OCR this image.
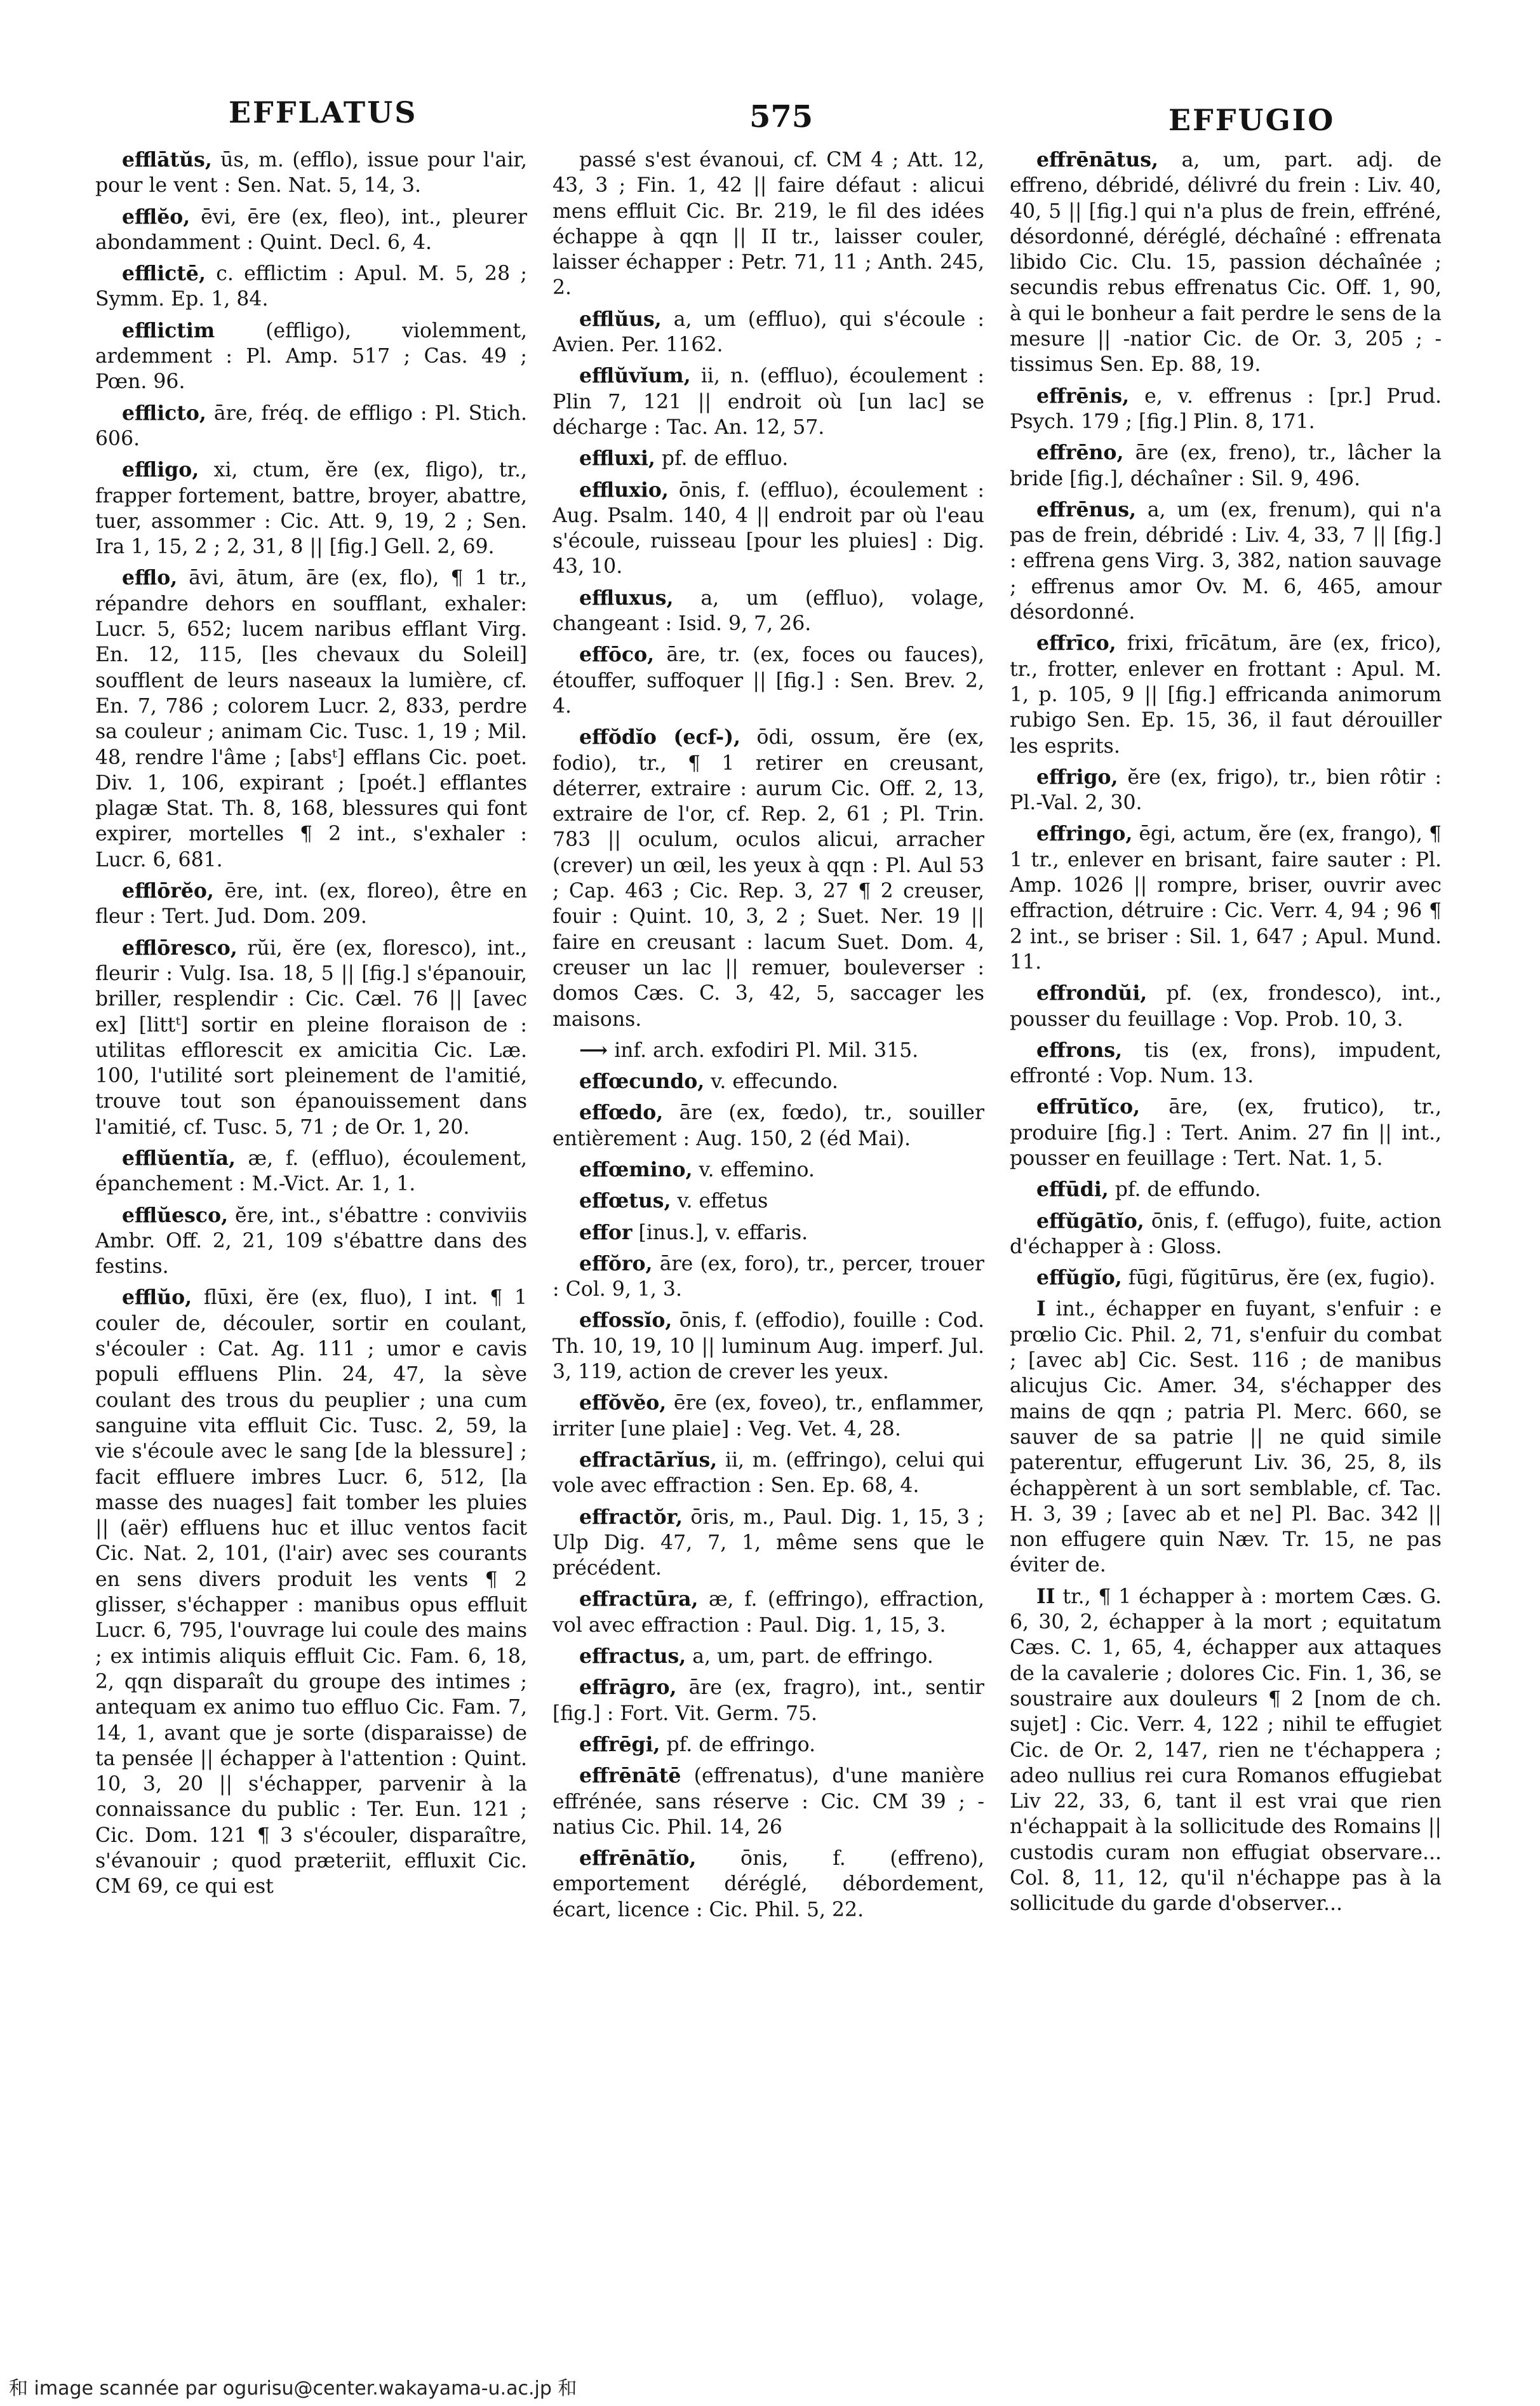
EFFLATUS	575	EFFUGIO

efflātŭs, ūs, m. (efflo), issue pour l'air, pour le vent : Sen. Nat. 5, 14, 3.

efflĕo, ēvi, ēre (ex, fleo), int., pleurer abondamment : Quint. Decl. 6, 4.

efflictē, c. efflictim : Apul. M. 5, 28 ; Symm. Ep. 1, 84.

efflictim	(effligo), violemment, ardemment : Pl. Amp. 517 ; Cas. 49 ; Pœn. 96.

efflicto, āre, fréq. de effligo : Pl. Stich. 606.

effligo, xi, ctum, ĕre (ex, fligo), tr., frapper fortement, battre, broyer, abattre, tuer, assommer : Cic. Att. 9, 19, 2 ; Sen. Ira 1, 15, 2 ; 2, 31, 8 || [fig.] Gell. 2, 69.

efflo, āvi, ātum, āre (ex, flo), ¶ 1 tr., répandre dehors en soufflant, exhaler: Lucr. 5, 652; lucem naribus efflant Virg. En. 12, 115, [les chevaux du Soleil] soufflent de leurs naseaux la lumière, cf. En. 7, 786 ; colorem Lucr. 2, 833, perdre sa couleur ; animam Cic. Tusc. 1, 19 ; Mil. 48, rendre l'âme ; [absᵗ] efflans Cic. poet. Div. 1, 106, expirant ; [poét.] efflantes plagæ Stat. Th. 8, 168, blessures qui font expirer, mortelles ¶ 2 int., s'exhaler : Lucr. 6, 681.

efflōrĕo, ēre, int. (ex, floreo), être en fleur : Tert. Jud. Dom. 209.

efflōresco, rŭi, ĕre (ex, floresco), int., fleurir : Vulg. Isa. 18, 5 || [fig.] s'épanouir, briller, resplendir : Cic. Cæl. 76 || [avec ex] [littᵗ] sortir en pleine floraison de : utilitas efflorescit ex amicitia Cic. Læ. 100, l'utilité sort pleinement de l'amitié, trouve tout son épanouissement dans l'amitié, cf. Tusc. 5, 71 ; de Or. 1, 20.

efflŭentĭa, æ, f. (effluo), écoulement, épanchement : M.-Vict. Ar. 1, 1.

efflŭesco, ĕre, int., s'ébattre : conviviis Ambr. Off. 2, 21, 109 s'ébattre dans des festins.

efflŭo, flūxi, ĕre (ex, fluo), I int. ¶ 1 couler de, découler, sortir en coulant, s'écouler : Cat. Ag. 111 ; umor e cavis populi effluens Plin. 24, 47, la sève coulant des trous du peuplier ; una cum sanguine vita effluit Cic. Tusc. 2, 59, la vie s'écoule avec le sang [de la blessure] ; facit effluere imbres Lucr. 6, 512, [la masse des nuages] fait tomber les pluies || (aër) effluens huc et illuc ventos facit Cic. Nat. 2, 101, (l'air) avec ses courants en sens divers produit les vents ¶ 2 glisser, s'échapper : manibus opus effluit Lucr. 6, 795, l'ouvrage lui coule des mains ; ex intimis aliquis effluit Cic. Fam. 6, 18, 2, qqn disparaît du groupe des intimes ; antequam ex animo tuo effluo Cic. Fam. 7, 14, 1, avant que je sorte (disparaisse) de ta pensée || échapper à l'attention : Quint. 10, 3, 20 || s'échapper, parvenir à la connaissance du public : Ter. Eun. 121 ; Cic. Dom. 121 ¶ 3 s'écouler, disparaître, s'évanouir ; quod præteriit, effluxit Cic. CM 69, ce qui est

passé s'est évanoui, cf. CM 4 ; Att. 12, 43, 3 ; Fin. 1, 42 || faire défaut : alicui mens effluit Cic. Br. 219, le fil des idées échappe à qqn || II tr., laisser couler, laisser échapper : Petr. 71, 11 ; Anth. 245, 2.

efflŭus, a, um (effluo), qui s'écoule : Avien. Per. 1162.

efflŭvĭum, ii, n. (effluo), écoulement : Plin 7, 121 || endroit où [un lac] se décharge : Tac. An. 12, 57.

effluxi, pf. de effluo.

effluxio, ōnis, f. (effluo), écoulement : Aug. Psalm. 140, 4 || endroit par où l'eau s'écoule, ruisseau [pour les pluies] : Dig. 43, 10.

effluxus, a, um (effluo), volage, changeant : Isid. 9, 7, 26.

effōco, āre, tr. (ex, foces ou fauces), étouffer, suffoquer || [fig.] : Sen. Brev. 2, 4.

effŏdĭo (ecf-), ōdi, ossum, ĕre (ex, fodio), tr., ¶ 1 retirer en creusant, déterrer, extraire : aurum Cic. Off. 2, 13, extraire de l'or, cf. Rep. 2, 61 ; Pl. Trin. 783 || oculum, oculos alicui, arracher (crever) un œil, les yeux à qqn : Pl. Aul 53 ; Cap. 463 ; Cic. Rep. 3, 27 ¶ 2 creuser, fouir : Quint. 10, 3, 2 ; Suet. Ner. 19 || faire en creusant : lacum Suet. Dom. 4, creuser un lac || remuer, bouleverser : domos Cæs. C. 3, 42, 5, saccager les maisons.

⟶ inf. arch. exfodiri Pl. Mil. 315.

effœcundo, v. effecundo.

effœdo, āre (ex, fœdo), tr., souiller entièrement : Aug. 150, 2 (éd Mai).

effœmino, v. effemino.

effœtus, v. effetus

effor [inus.], v. effaris.

effŏro, āre (ex, foro), tr., percer, trouer : Col. 9, 1, 3.

effossĭo, ōnis, f. (effodio), fouille : Cod. Th. 10, 19, 10 || luminum Aug. imperf. Jul. 3, 119, action de crever les yeux.

effŏvĕo, ēre (ex, foveo), tr., enflammer, irriter [une plaie] : Veg. Vet. 4, 28.

effractārĭus, ii, m. (effringo), celui qui vole avec effraction : Sen. Ep. 68, 4.

effractŏr, ōris, m., Paul. Dig. 1, 15, 3 ; Ulp Dig. 47, 7, 1, même sens que le précédent.

effractūra, æ, f. (effringo), effraction, vol avec effraction : Paul. Dig. 1, 15, 3.

effractus, a, um, part. de effringo.

effrāgro, āre (ex, fragro), int., sentir [fig.] : Fort. Vit. Germ. 75.

effrēgi, pf. de effringo.

effrēnātē (effrenatus), d'une manière effrénée, sans réserve : Cic. CM 39 ; -natius Cic. Phil. 14, 26

effrēnātĭo, ōnis, f. (effreno), emportement déréglé, débordement, écart, licence : Cic. Phil. 5, 22.

effrēnātus, a, um, part. adj. de effreno, débridé, délivré du frein : Liv. 40, 40, 5 || [fig.] qui n'a plus de frein, effréné, désordonné, déréglé, déchaîné : effrenata libido Cic. Clu. 15, passion déchaînée ; secundis rebus effrenatus Cic. Off. 1, 90, à qui le bonheur a fait perdre le sens de la mesure || -natior Cic. de Or. 3, 205 ; -tissimus Sen. Ep. 88, 19.

effrēnis, e, v. effrenus : [pr.] Prud. Psych. 179 ; [fig.] Plin. 8, 171.

effrēno, āre (ex, freno), tr., lâcher la bride [fig.], déchaîner : Sil. 9, 496.

effrēnus, a, um (ex, frenum), qui n'a pas de frein, débridé : Liv. 4, 33, 7 || [fig.] : effrena gens Virg. 3, 382, nation sauvage ; effrenus amor Ov. M. 6, 465, amour désordonné.

effrīco, frixi, frīcātum, āre (ex, frico), tr., frotter, enlever en frottant : Apul. M. 1, p. 105, 9 || [fig.] effricanda animorum rubigo Sen. Ep. 15, 36, il faut dérouiller les esprits.

effrigo, ĕre (ex, frigo), tr., bien rôtir : Pl.-Val. 2, 30.

effringo, ēgi, actum, ĕre (ex, frango), ¶ 1 tr., enlever en brisant, faire sauter : Pl. Amp. 1026 || rompre, briser, ouvrir avec effraction, détruire : Cic. Verr. 4, 94 ; 96 ¶ 2 int., se briser : Sil. 1, 647 ; Apul. Mund. 11.

effrondŭi, pf. (ex, frondesco), int., pousser du feuillage : Vop. Prob. 10, 3.

effrons, tis (ex, frons), impudent, effronté : Vop. Num. 13.

effrūtĭco, āre, (ex, frutico), tr., produire [fig.] : Tert. Anim. 27 fin || int., pousser en feuillage : Tert. Nat. 1, 5.

effūdi, pf. de effundo.

effŭgātĭo, ōnis, f. (effugo), fuite, action d'échapper à : Gloss.

effŭgĭo, fūgi, fŭgitūrus, ĕre (ex, fugio).

I int., échapper en fuyant, s'enfuir : e prœlio Cic. Phil. 2, 71, s'enfuir du combat ; [avec ab] Cic. Sest. 116 ; de manibus alicujus Cic. Amer. 34, s'échapper des mains de qqn ; patria Pl. Merc. 660, se sauver de sa patrie || ne quid simile paterentur, effugerunt Liv. 36, 25, 8, ils échappèrent à un sort semblable, cf. Tac. H. 3, 39 ; [avec ab et ne] Pl. Bac. 342 || non effugere quin Næv. Tr. 15, ne pas éviter de.

II tr., ¶ 1 échapper à : mortem Cæs. G. 6, 30, 2, échapper à la mort ; equitatum Cæs. C. 1, 65, 4, échapper aux attaques de la cavalerie ; dolores Cic. Fin. 1, 36, se soustraire aux douleurs ¶ 2 [nom de ch. sujet] : Cic. Verr. 4, 122 ; nihil te effugiet Cic. de Or. 2, 147, rien ne t'échappera ; adeo nullius rei cura Romanos effugiebat Liv 22, 33, 6, tant il est vrai que rien n'échappait à la sollicitude des Romains || custodis curam non effugiat observare... Col. 8, 11, 12, qu'il n'échappe pas à la sollicitude du garde d'observer...

和 image scannée par ogurisu@center.wakayama-u.ac.jp 和
